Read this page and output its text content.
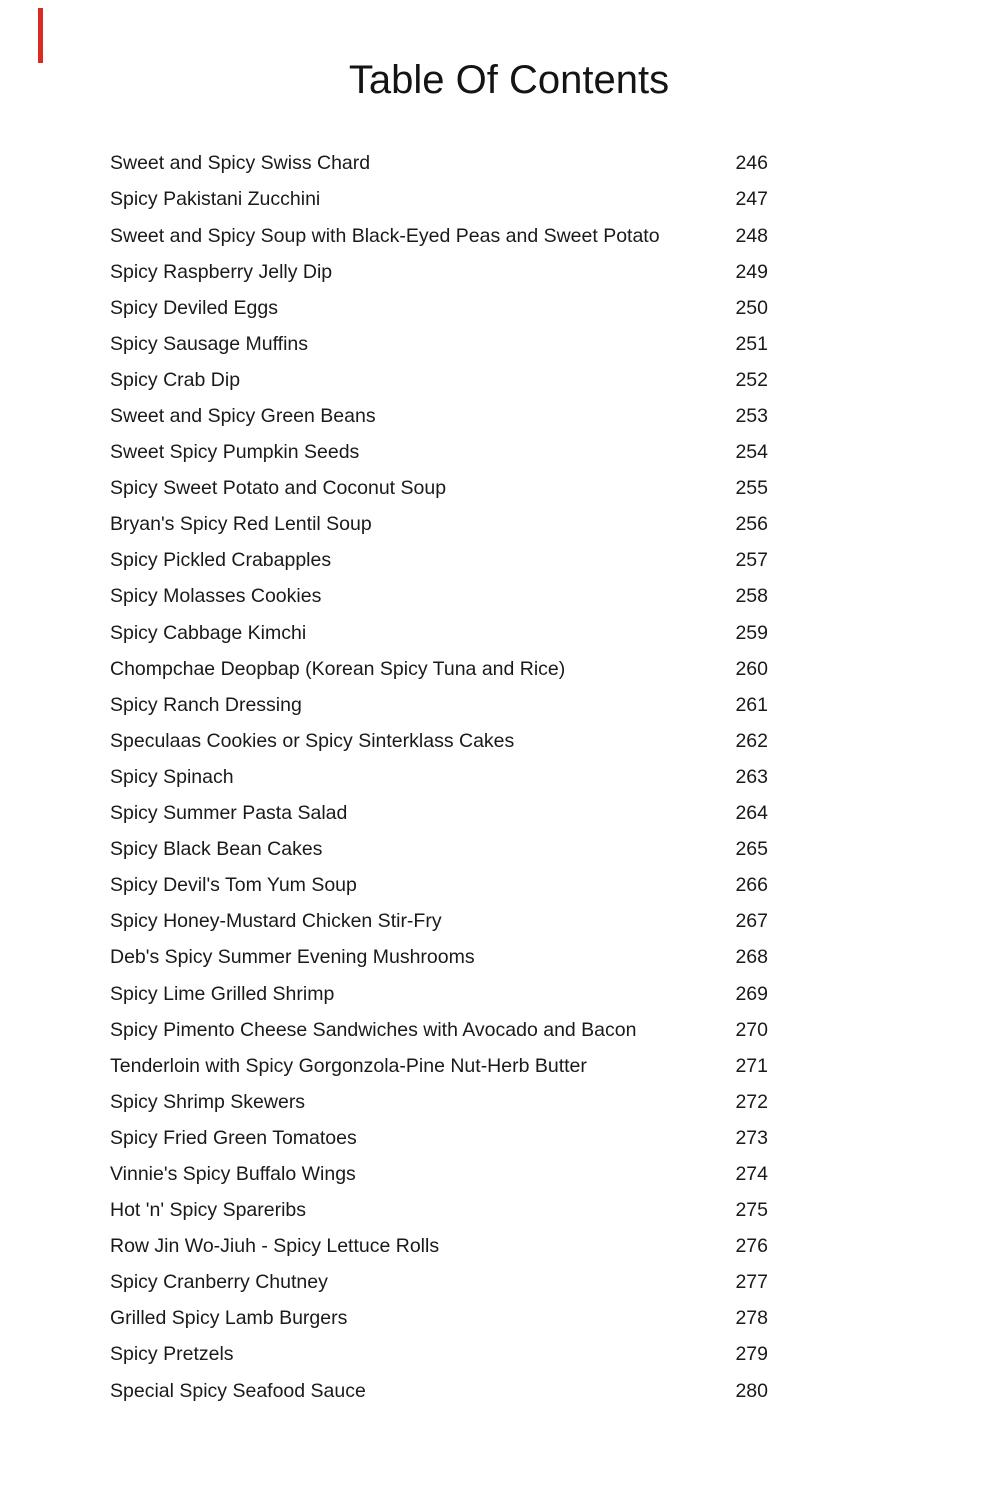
Table Of Contents
Sweet and Spicy Swiss Chard	246
Spicy Pakistani Zucchini	247
Sweet and Spicy Soup with Black-Eyed Peas and Sweet Potato	248
Spicy Raspberry Jelly Dip	249
Spicy Deviled Eggs	250
Spicy Sausage Muffins	251
Spicy Crab Dip	252
Sweet and Spicy Green Beans	253
Sweet Spicy Pumpkin Seeds	254
Spicy Sweet Potato and Coconut Soup	255
Bryan's Spicy Red Lentil Soup	256
Spicy Pickled Crabapples	257
Spicy Molasses Cookies	258
Spicy Cabbage Kimchi	259
Chompchae Deopbap (Korean Spicy Tuna and Rice)	260
Spicy Ranch Dressing	261
Speculaas Cookies or Spicy Sinterklass Cakes	262
Spicy Spinach	263
Spicy Summer Pasta Salad	264
Spicy Black Bean Cakes	265
Spicy Devil's Tom Yum Soup	266
Spicy Honey-Mustard Chicken Stir-Fry	267
Deb's Spicy Summer Evening Mushrooms	268
Spicy Lime Grilled Shrimp	269
Spicy Pimento Cheese Sandwiches with Avocado and Bacon	270
Tenderloin with Spicy Gorgonzola-Pine Nut-Herb Butter	271
Spicy Shrimp Skewers	272
Spicy Fried Green Tomatoes	273
Vinnie's Spicy Buffalo Wings	274
Hot 'n' Spicy Spareribs	275
Row Jin Wo-Jiuh - Spicy Lettuce Rolls	276
Spicy Cranberry Chutney	277
Grilled Spicy Lamb Burgers	278
Spicy Pretzels	279
Special Spicy Seafood Sauce	280
